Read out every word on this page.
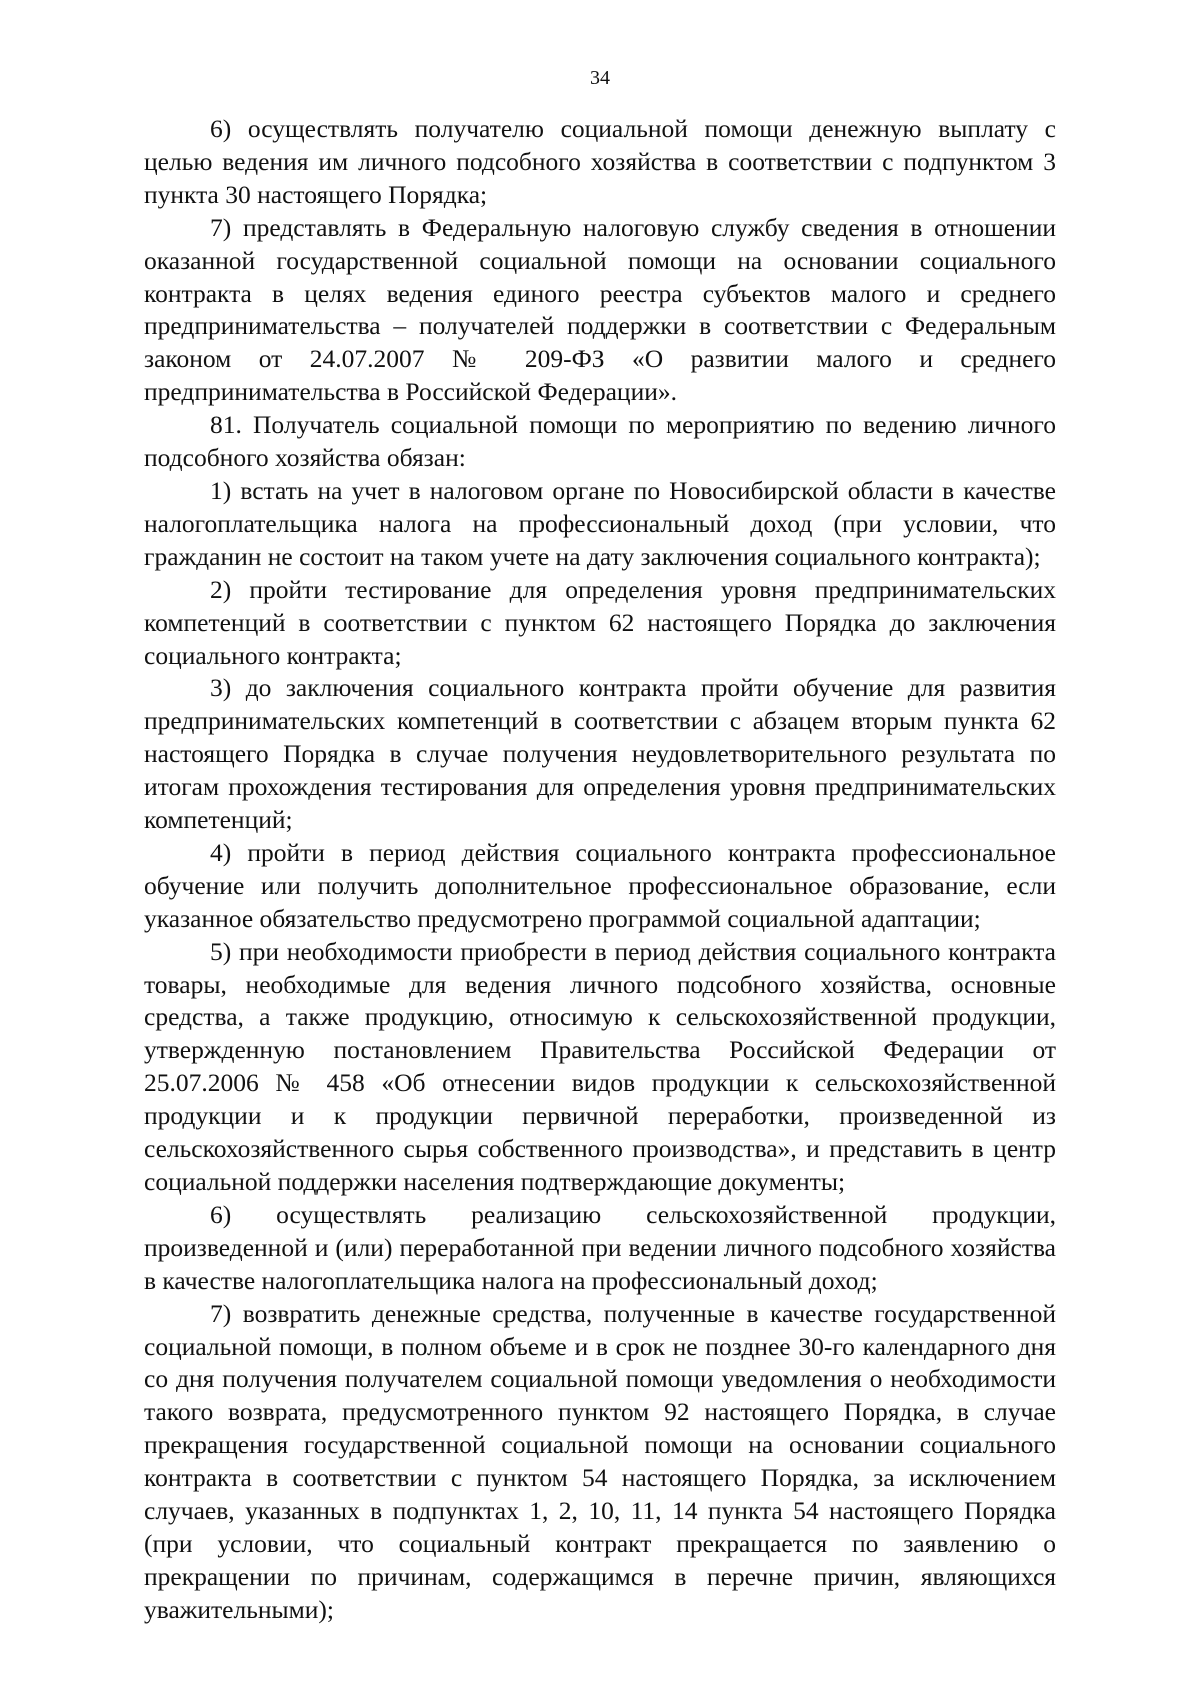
34

6) осуществлять получателю социальной помощи денежную выплату с целью ведения им личного подсобного хозяйства в соответствии с подпунктом 3 пункта 30 настоящего Порядка;

7) представлять в Федеральную налоговую службу сведения в отношении оказанной государственной социальной помощи на основании социального контракта в целях ведения единого реестра субъектов малого и среднего предпринимательства – получателей поддержки в соответствии с Федеральным законом от 24.07.2007 № 209-ФЗ «О развитии малого и среднего предпринимательства в Российской Федерации».

81. Получатель социальной помощи по мероприятию по ведению личного подсобного хозяйства обязан:

1) встать на учет в налоговом органе по Новосибирской области в качестве налогоплательщика налога на профессиональный доход (при условии, что гражданин не состоит на таком учете на дату заключения социального контракта);

2) пройти тестирование для определения уровня предпринимательских компетенций в соответствии с пунктом 62 настоящего Порядка до заключения социального контракта;

3) до заключения социального контракта пройти обучение для развития предпринимательских компетенций в соответствии с абзацем вторым пункта 62 настоящего Порядка в случае получения неудовлетворительного результата по итогам прохождения тестирования для определения уровня предпринимательских компетенций;

4) пройти в период действия социального контракта профессиональное обучение или получить дополнительное профессиональное образование, если указанное обязательство предусмотрено программой социальной адаптации;

5) при необходимости приобрести в период действия социального контракта товары, необходимые для ведения личного подсобного хозяйства, основные средства, а также продукцию, относимую к сельскохозяйственной продукции, утвержденную постановлением Правительства Российской Федерации от 25.07.2006 № 458 «Об отнесении видов продукции к сельскохозяйственной продукции и к продукции первичной переработки, произведенной из сельскохозяйственного сырья собственного производства», и представить в центр социальной поддержки населения подтверждающие документы;

6) осуществлять реализацию сельскохозяйственной продукции, произведенной и (или) переработанной при ведении личного подсобного хозяйства в качестве налогоплательщика налога на профессиональный доход;

7) возвратить денежные средства, полученные в качестве государственной социальной помощи, в полном объеме и в срок не позднее 30-го календарного дня со дня получения получателем социальной помощи уведомления о необходимости такого возврата, предусмотренного пунктом 92 настоящего Порядка, в случае прекращения государственной социальной помощи на основании социального контракта в соответствии с пунктом 54 настоящего Порядка, за исключением случаев, указанных в подпунктах 1, 2, 10, 11, 14 пункта 54 настоящего Порядка (при условии, что социальный контракт прекращается по заявлению о прекращении по причинам, содержащимся в перечне причин, являющихся уважительными);
